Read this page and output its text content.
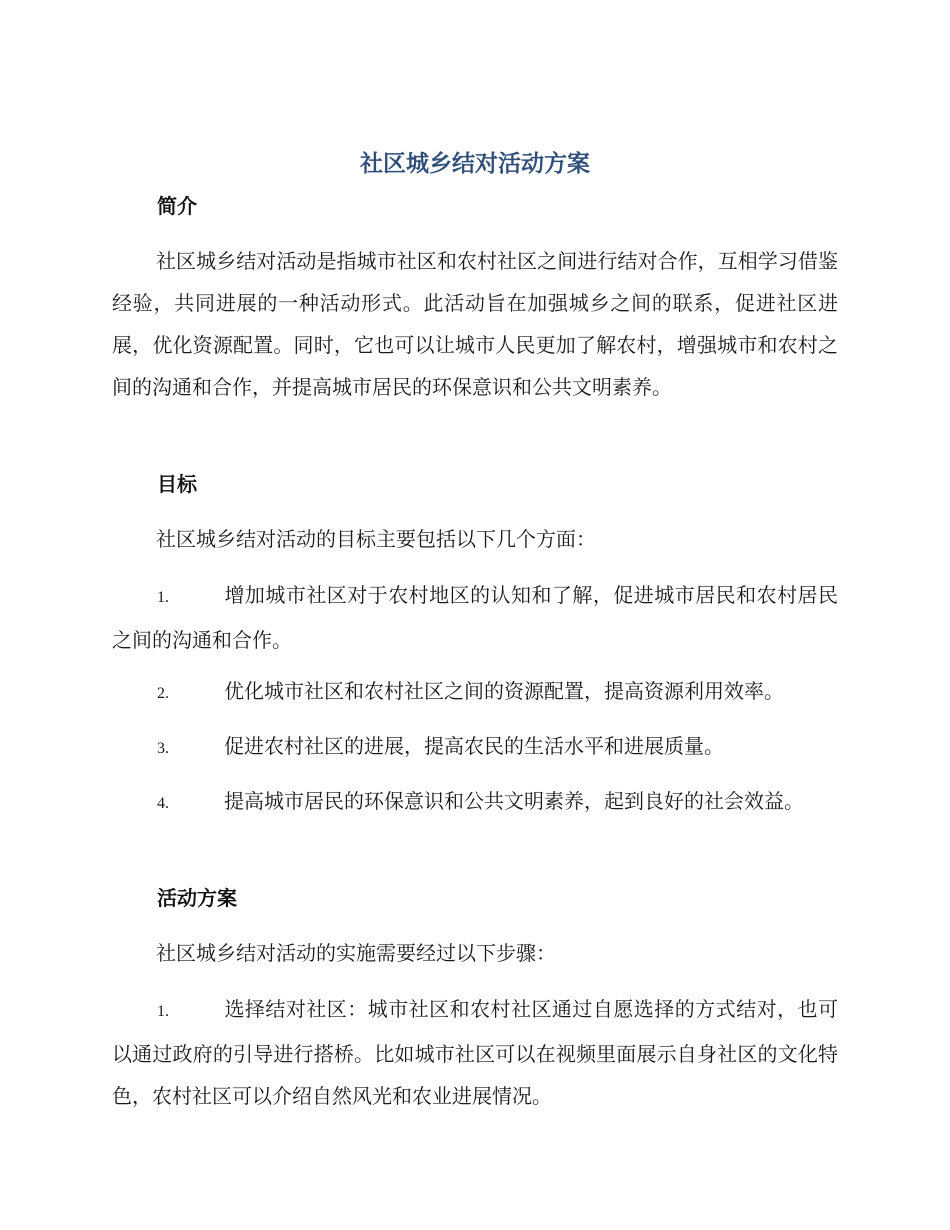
社区城乡结对活动方案
简介

社区城乡结对活动是指城市社区和农村社区之间进行结对合作，互相学习借鉴经验，共同进展的一种活动形式。此活动旨在加强城乡之间的联系，促进社区进展，优化资源配置。同时，它也可以让城市人民更加了解农村，增强城市和农村之间的沟通和合作，并提高城市居民的环保意识和公共文明素养。

目标

社区城乡结对活动的目标主要包括以下几个方面：

1.	增加城市社区对于农村地区的认知和了解，促进城市居民和农村居民之间的沟通和合作。

2.	优化城市社区和农村社区之间的资源配置，提高资源利用效率。

3.	促进农村社区的进展，提高农民的生活水平和进展质量。

4.	提高城市居民的环保意识和公共文明素养，起到良好的社会效益。

活动方案

社区城乡结对活动的实施需要经过以下步骤：

1.	选择结对社区：城市社区和农村社区通过自愿选择的方式结对，也可以通过政府的引导进行搭桥。比如城市社区可以在视频里面展示自身社区的文化特色，农村社区可以介绍自然风光和农业进展情况。
